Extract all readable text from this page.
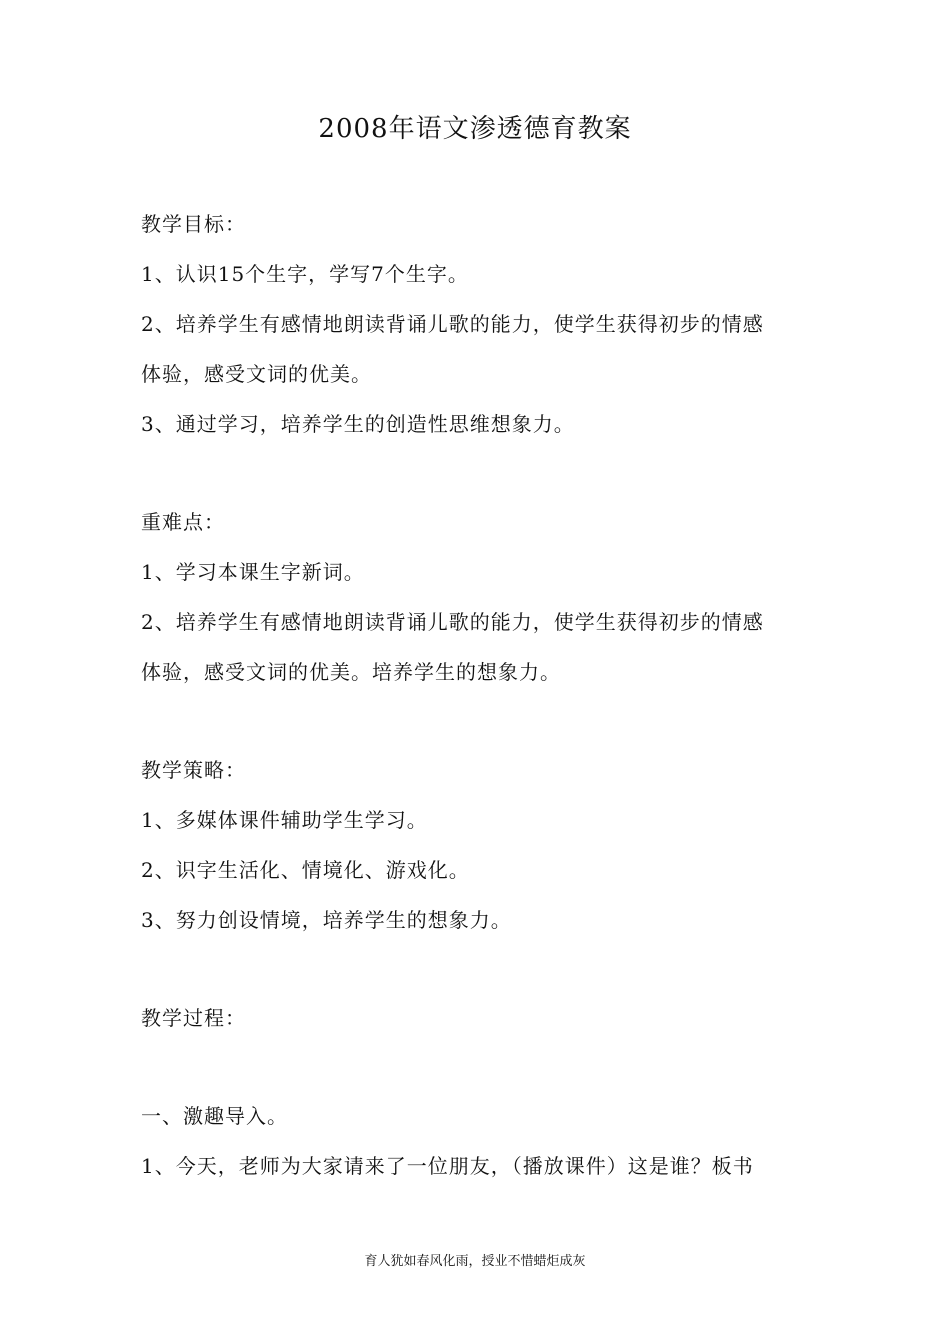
2008年语文渗透德育教案
教学目标：
1、认识15个生字，学写7个生字。
2、培养学生有感情地朗读背诵儿歌的能力，使学生获得初步的情感
体验，感受文词的优美。
3、通过学习，培养学生的创造性思维想象力。
重难点：
1、学习本课生字新词。
2、培养学生有感情地朗读背诵儿歌的能力，使学生获得初步的情感
体验，感受文词的优美。培养学生的想象力。
教学策略：
1、多媒体课件辅助学生学习。
2、识字生活化、情境化、游戏化。
3、努力创设情境，培养学生的想象力。
教学过程：
一、激趣导入。
1、今天，老师为大家请来了一位朋友，（播放课件）这是谁？板书
育人犹如春风化雨，授业不惜蜡炬成灰
